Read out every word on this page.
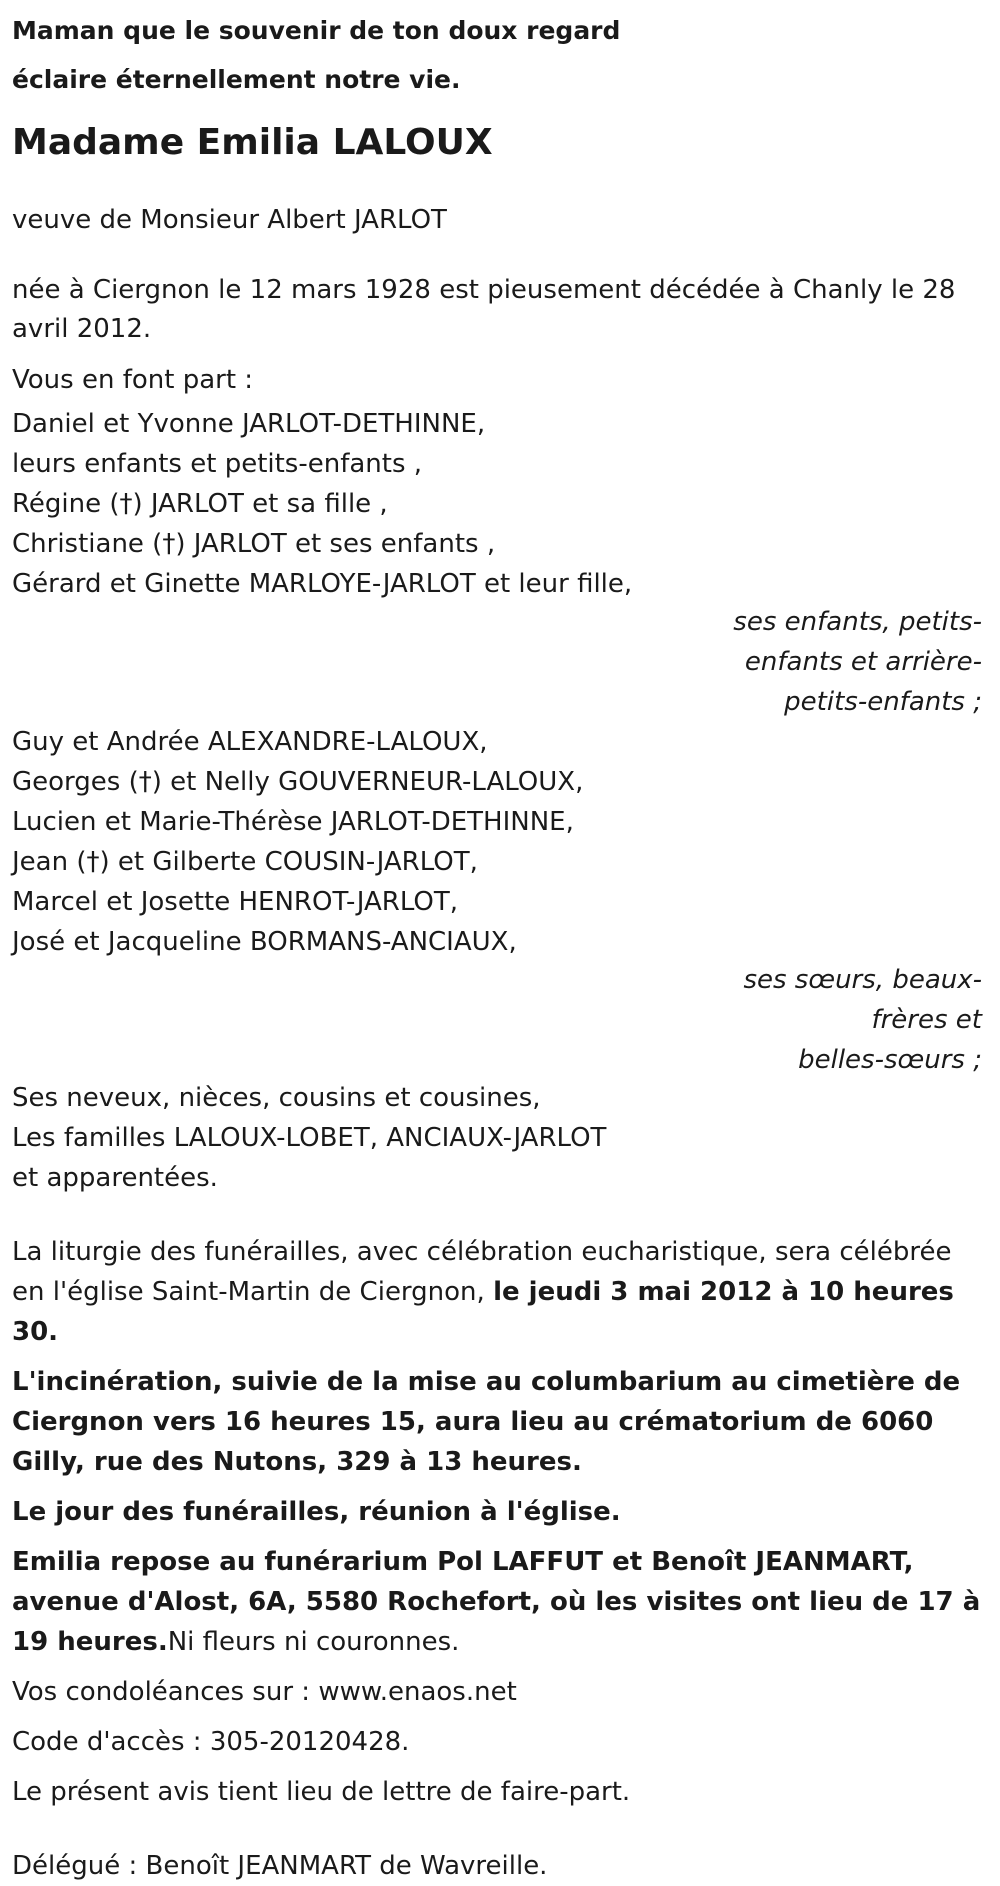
Maman que le souvenir de ton doux regard
éclaire éternellement notre vie.
Madame Emilia LALOUX
veuve de Monsieur Albert JARLOT
née à Ciergnon le 12 mars 1928 est pieusement décédée à Chanly le 28 avril 2012.
Vous en font part :
Daniel et Yvonne JARLOT-DETHINNE,
leurs enfants et petits-enfants ,
Régine (†) JARLOT et sa fille ,
Christiane (†) JARLOT et ses enfants ,
Gérard et Ginette MARLOYE-JARLOT et leur fille,
ses enfants, petits-
enfants et arrière-
petits-enfants ;
Guy et Andrée ALEXANDRE-LALOUX,
Georges (†) et Nelly GOUVERNEUR-LALOUX,
Lucien et Marie-Thérèse JARLOT-DETHINNE,
Jean (†) et Gilberte COUSIN-JARLOT,
Marcel et Josette HENROT-JARLOT,
José et Jacqueline BORMANS-ANCIAUX,
ses sœurs, beaux-
frères et
belles-sœurs ;
Ses neveux, nièces, cousins et cousines,
Les familles LALOUX-LOBET, ANCIAUX-JARLOT
et apparentées.
La liturgie des funérailles, avec célébration eucharistique, sera célébrée en l'église Saint-Martin de Ciergnon, le jeudi 3 mai 2012 à 10 heures 30.
L'incinération, suivie de la mise au columbarium au cimetière de Ciergnon vers 16 heures 15, aura lieu au crématorium de 6060 Gilly, rue des Nutons, 329 à 13 heures.
Le jour des funérailles, réunion à l'église.
Emilia repose au funérarium Pol LAFFUT et Benoît JEANMART, avenue d'Alost, 6A, 5580 Rochefort, où les visites ont lieu de 17 à 19 heures.Ni fleurs ni couronnes.
Vos condoléances sur : www.enaos.net
Code d'accès : 305-20120428.
Le présent avis tient lieu de lettre de faire-part.
Délégué : Benoît JEANMART de Wavreille.
